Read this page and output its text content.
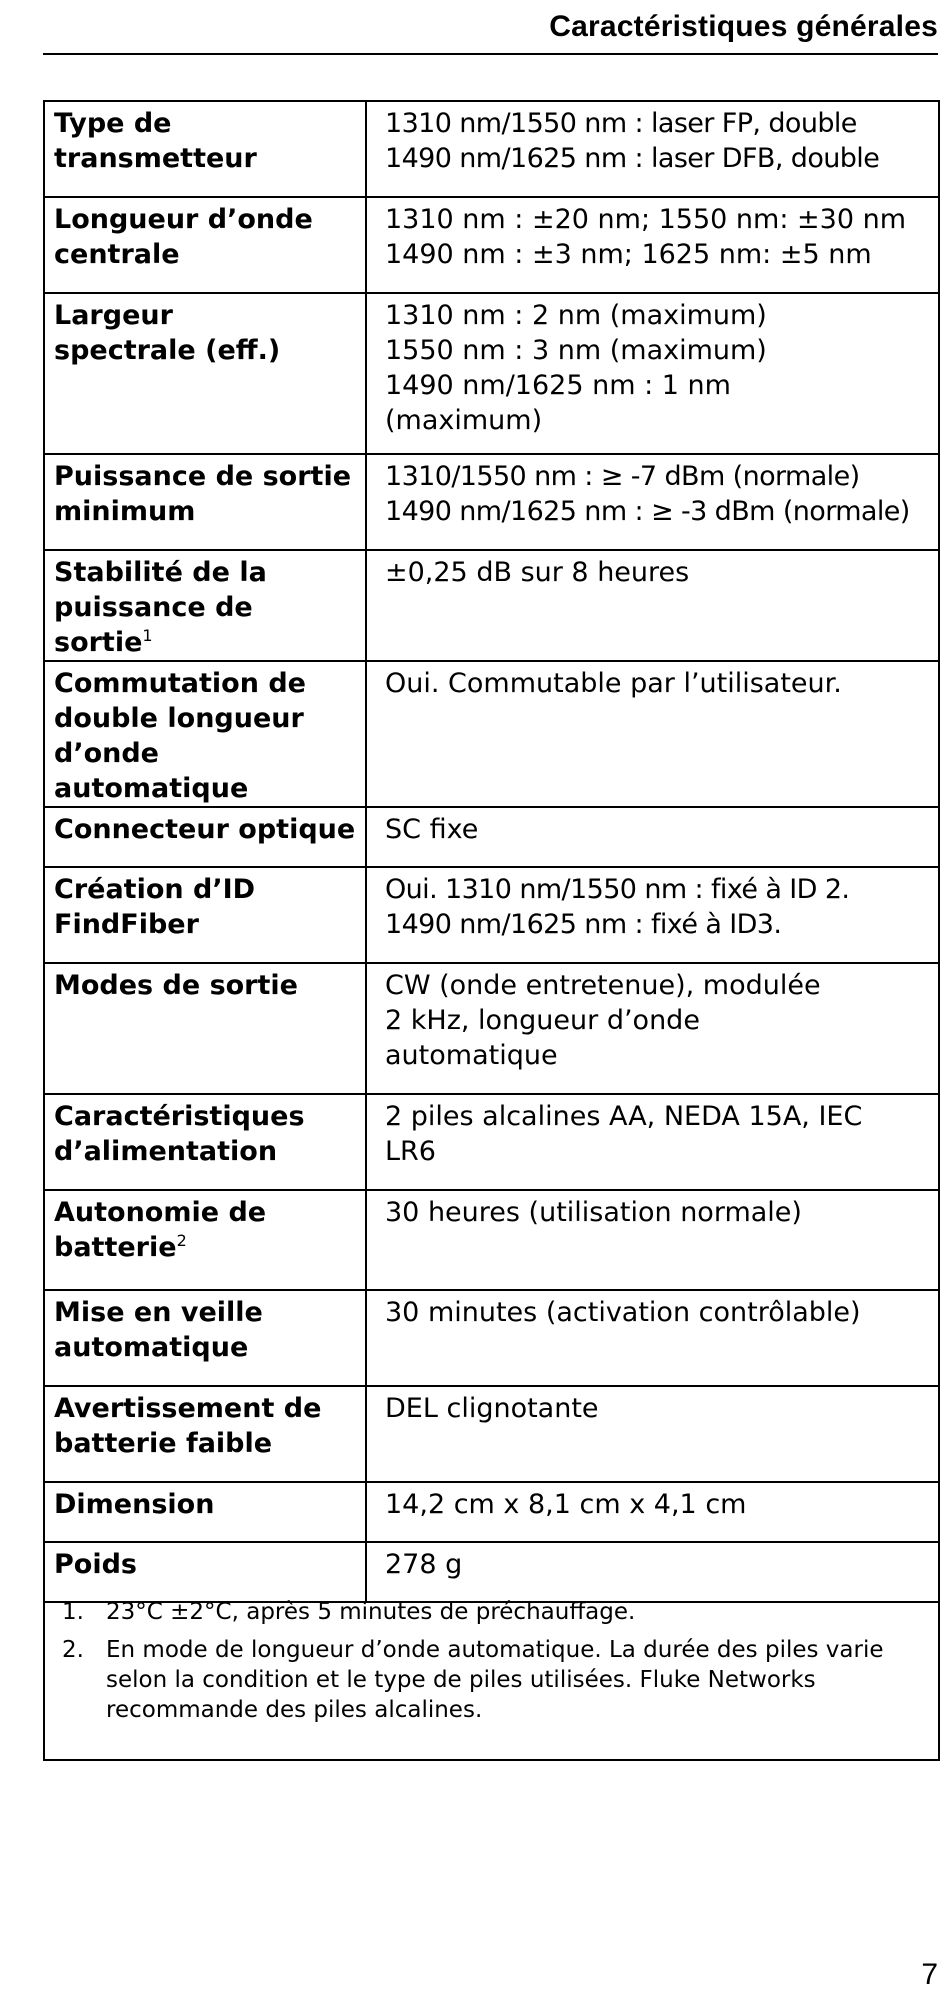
Caractéristiques générales
Type de
transmetteur	1310 nm/1550 nm : laser FP, double
1490 nm/1625 nm : laser DFB, double

Longueur d’onde
centrale	1310 nm : ±20 nm; 1550 nm: ±30 nm
1490 nm : ±3 nm; 1625 nm: ±5 nm

Largeur
spectrale (eff.)	1310 nm : 2 nm (maximum)
1550 nm : 3 nm (maximum)
1490 nm/1625 nm : 1 nm
(maximum)

Puissance de sortie
minimum	1310/1550 nm : ≥ -7 dBm (normale)
1490 nm/1625 nm : ≥ -3 dBm (normale)

Stabilité de la
puissance de sortie$^1$	±0,25 dB sur 8 heures

Commutation de
double longueur
d’onde automatique	Oui. Commutable par l’utilisateur.

Connecteur optique	SC fixe

Création d’ID
FindFiber	Oui. 1310 nm/1550 nm : fixé à ID 2.
1490 nm/1625 nm : fixé à ID3.

Modes de sortie	CW (onde entretenue), modulée
2 kHz, longueur d’onde
automatique

Caractéristiques
d’alimentation	2 piles alcalines AA, NEDA 15A, IEC
LR6

Autonomie de
batterie$^2$	30 heures (utilisation normale)

Mise en veille
automatique	30 minutes (activation contrôlable)

Avertissement de
batterie faible	DEL clignotante

Dimension	14,2 cm x 8,1 cm x 4,1 cm

Poids	278 g
1. 23°C ±2°C, après 5 minutes de préchauffage.
2. En mode de longueur d’onde automatique. La durée des piles varie selon la condition et le type de piles utilisées. Fluke Networks recommande des piles alcalines.
7
